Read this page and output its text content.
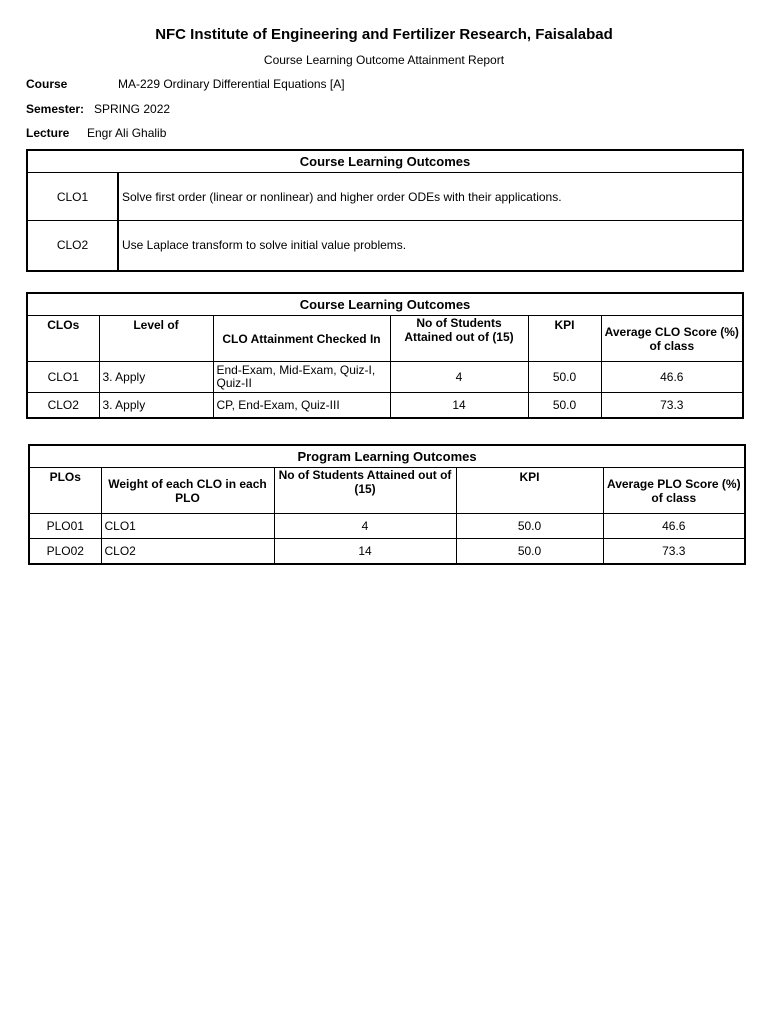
NFC Institute of Engineering and Fertilizer Research, Faisalabad
Course Learning Outcome Attainment Report
Course	MA-229 Ordinary Differential Equations [A]
Semester: SPRING 2022
Lecture Engr Ali Ghalib
Course Learning Outcomes	
CLO1	Solve first order (linear or nonlinear) and higher order ODEs with their applications.
CLO2	Use Laplace transform to solve initial value problems.
Course Learning Outcomes					
CLOs	Level of	CLO Attainment Checked In	No of Students Attained out of (15)	KPI	Average CLO Score (%) of class
CLO1	3. Apply	End-Exam, Mid-Exam, Quiz-I, Quiz-II	4	50.0	46.6
CLO2	3. Apply	CP, End-Exam, Quiz-III	14	50.0	73.3
Program Learning Outcomes				
PLOs	Weight of each CLO in each PLO	No of Students Attained out of (15)	KPI	Average PLO Score (%) of class
PLO01	CLO1	4	50.0	46.6
PLO02	CLO2	14	50.0	73.3
